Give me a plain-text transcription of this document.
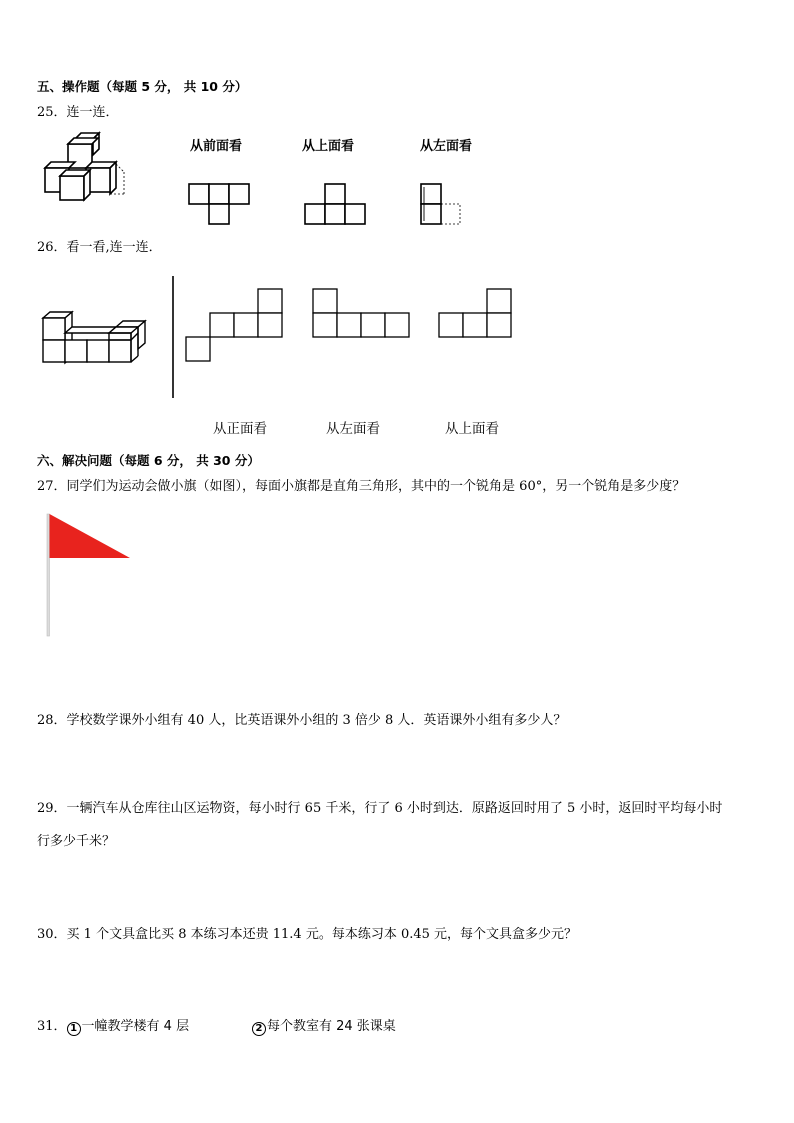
五、操作题（每题 5 分， 共 10 分）
25．连一连．
从前面看	从上面看	从左面看
26．看一看,连一连．
从正面看	从左面看	从上面看
六、解决问题（每题 6 分， 共 30 分）
27．同学们为运动会做小旗（如图），每面小旗都是直角三角形，其中的一个锐角是 60°，另一个锐角是多少度？
28．学校数学课外小组有 40 人，比英语课外小组的 3 倍少 8 人．英语课外小组有多少人？
29．一辆汽车从仓库往山区运物资，每小时行 65 千米，行了 6 小时到达．原路返回时用了 5 小时，返回时平均每小时
行多少千米？
30．买 1 个文具盒比买 8 本练习本还贵 11.4 元。每本练习本 0.45 元，每个文具盒多少元？
31． 1 一幢教学楼有 4 层	2 每个教室有 24 张课桌
